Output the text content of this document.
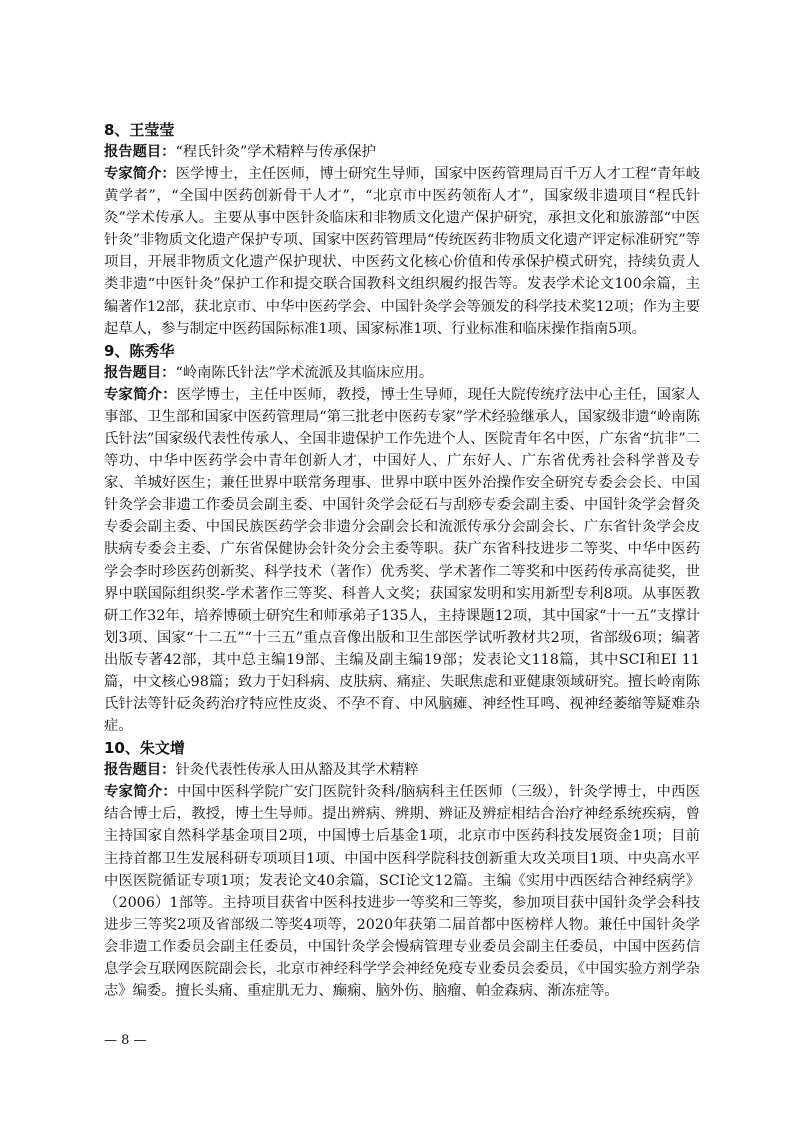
8、王莹莹

报告题目：“程氏针灸”学术精粹与传承保护

专家简介：医学博士，主任医师，博士研究生导师，国家中医药管理局百千万人才工程“青年岐黄学者”，“全国中医药创新骨干人才”，“北京市中医药领衔人才”，国家级非遗项目“程氏针灸”学术传承人。主要从事中医针灸临床和非物质文化遗产保护研究，承担文化和旅游部“中医针灸”非物质文化遗产保护专项、国家中医药管理局“传统医药非物质文化遗产评定标准研究”等项目，开展非物质文化遗产保护现状、中医药文化核心价值和传承保护模式研究，持续负责人类非遗“中医针灸”保护工作和提交联合国教科文组织履约报告等。发表学术论文100余篇，主编著作12部，获北京市、中华中医药学会、中国针灸学会等颁发的科学技术奖12项；作为主要起草人，参与制定中医药国际标准1项、国家标准1项、行业标准和临床操作指南5项。

9、陈秀华

报告题目：“岭南陈氏针法”学术流派及其临床应用。

专家简介：医学博士，主任中医师，教授，博士生导师，现任大院传统疗法中心主任，国家人事部、卫生部和国家中医药管理局“第三批老中医药专家”学术经验继承人，国家级非遗“岭南陈氏针法”国家级代表性传承人、全国非遗保护工作先进个人、医院青年名中医，广东省“抗非”二等功、中华中医药学会中青年创新人才，中国好人、广东好人、广东省优秀社会科学普及专家、羊城好医生；兼任世界中联常务理事、世界中联中医外治操作安全研究专委会会长、中国针灸学会非遗工作委员会副主委、中国针灸学会砭石与刮痧专委会副主委、中国针灸学会督灸专委会副主委、中国民族医药学会非遗分会副会长和流派传承分会副会长、广东省针灸学会皮肤病专委会主委、广东省保健协会针灸分会主委等职。获广东省科技进步二等奖、中华中医药学会李时珍医药创新奖、科学技术（著作）优秀奖、学术著作二等奖和中医药传承高徒奖，世界中联国际组织奖-学术著作三等奖、科普人文奖；获国家发明和实用新型专利8项。从事医教研工作32年，培养博硕士研究生和师承弟子135人，主持课题12项，其中国家“十一五”支撑计划3项、国家“十二五”“十三五”重点音像出版和卫生部医学试听教材共2项，省部级6项；编著出版专著42部，其中总主编19部、主编及副主编19部；发表论文118篇，其中SCI和EI 11篇，中文核心98篇；致力于妇科病、皮肤病、痛症、失眠焦虑和亚健康领域研究。擅长岭南陈氏针法等针砭灸药治疗特应性皮炎、不孕不育、中风脑瘫、神经性耳鸣、视神经萎缩等疑难杂症。

10、朱文增

报告题目：针灸代表性传承人田从豁及其学术精粹

专家简介：中国中医科学院广安门医院针灸科/脑病科主任医师（三级），针灸学博士，中西医结合博士后，教授，博士生导师。提出辨病、辨期、辨证及辨症相结合治疗神经系统疾病，曾主持国家自然科学基金项目2项，中国博士后基金1项，北京市中医药科技发展资金1项；目前主持首都卫生发展科研专项项目1项、中国中医科学院科技创新重大攻关项目1项、中央高水平中医医院循证专项1项；发表论文40余篇，SCI论文12篇。主编《实用中西医结合神经病学》（2006）1部等。主持项目获省中医科技进步一等奖和三等奖，参加项目获中国针灸学会科技进步三等奖2项及省部级二等奖4项等，2020年获第二届首都中医榜样人物。兼任中国针灸学会非遗工作委员会副主任委员，中国针灸学会慢病管理专业委员会副主任委员，中国中医药信息学会互联网医院副会长，北京市神经科学学会神经免疫专业委员会委员，《中国实验方剂学杂志》编委。擅长头痛、重症肌无力、癫痫、脑外伤、脑瘤、帕金森病、渐冻症等。

— 8 —
